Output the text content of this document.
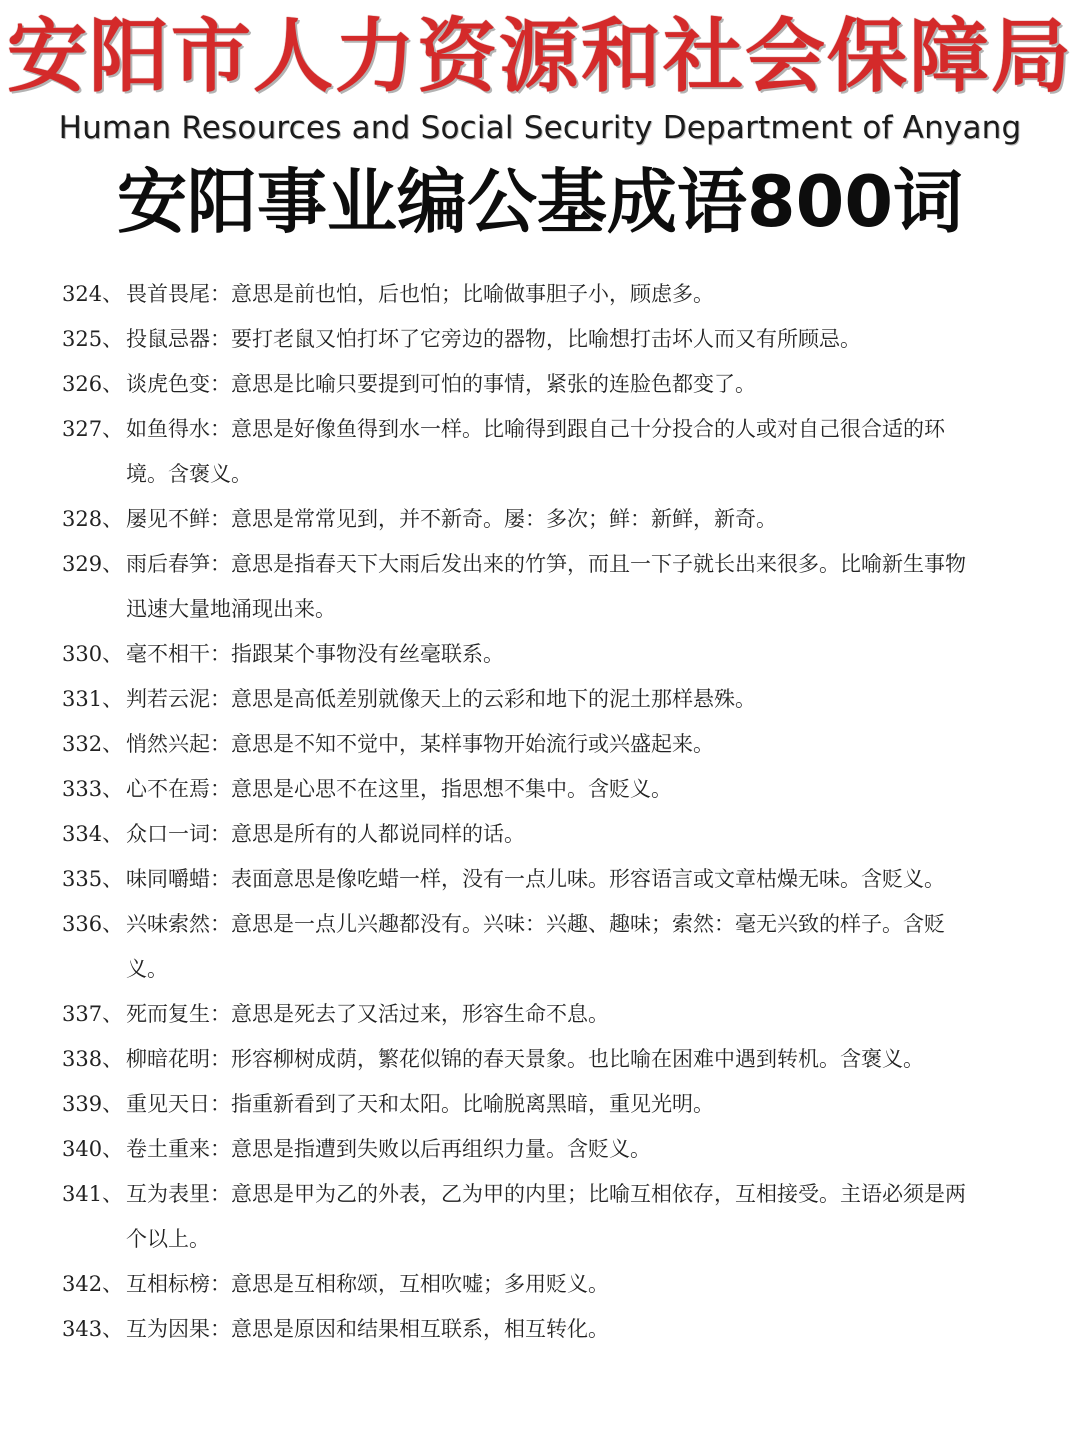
安阳市人力资源和社会保障局
Human Resources and Social Security Department of Anyang
安阳事业编公基成语800词
324 、	畏首畏尾 ： 意思是前也怕，后也怕；比喻做事胆子小，顾虑多。
325 、	投鼠忌器 ： 要打老鼠又怕打坏了它旁边的器物，比喻想打击坏人而又有所顾忌。
326 、	谈虎色变 ： 意思是比喻只要提到可怕的事情，紧张的连脸色都变了。
327 、	如鱼得水 ： 意思是好像鱼得到水一样。比喻得到跟自己十分投合的人或对自己很合适的环境。含褒义。
328 、	屡见不鲜 ： 意思是常常见到，并不新奇。屡：多次；鲜：新鲜，新奇。
329 、	雨后春笋 ： 意思是指春天下大雨后发出来的竹笋，而且一下子就长出来很多。比喻新生事物迅速大量地涌现出来。
330 、	毫不相干 ： 指跟某个事物没有丝毫联系。
331 、	判若云泥 ： 意思是高低差别就像天上的云彩和地下的泥土那样悬殊。
332 、	悄然兴起 ： 意思是不知不觉中，某样事物开始流行或兴盛起来。
333 、	心不在焉 ： 意思是心思不在这里，指思想不集中。含贬义。
334 、	众口一词 ： 意思是所有的人都说同样的话。
335 、	味同嚼蜡 ： 表面意思是像吃蜡一样，没有一点儿味。形容语言或文章枯燥无味。含贬义。
336 、	兴味索然 ： 意思是一点儿兴趣都没有。兴味：兴趣、趣味；索然：毫无兴致的样子。含贬义。
337 、	死而复生 ： 意思是死去了又活过来，形容生命不息。
338 、	柳暗花明 ： 形容柳树成荫，繁花似锦的春天景象。也比喻在困难中遇到转机。含褒义。
339 、	重见天日 ： 指重新看到了天和太阳。比喻脱离黑暗，重见光明。
340 、	卷土重来 ： 意思是指遭到失败以后再组织力量。含贬义。
341 、	互为表里 ： 意思是甲为乙的外表，乙为甲的内里；比喻互相依存，互相接受。主语必须是两个以上。
342 、	互相标榜 ： 意思是互相称颂，互相吹嘘；多用贬义。
343 、	互为因果 ： 意思是原因和结果相互联系，相互转化。
